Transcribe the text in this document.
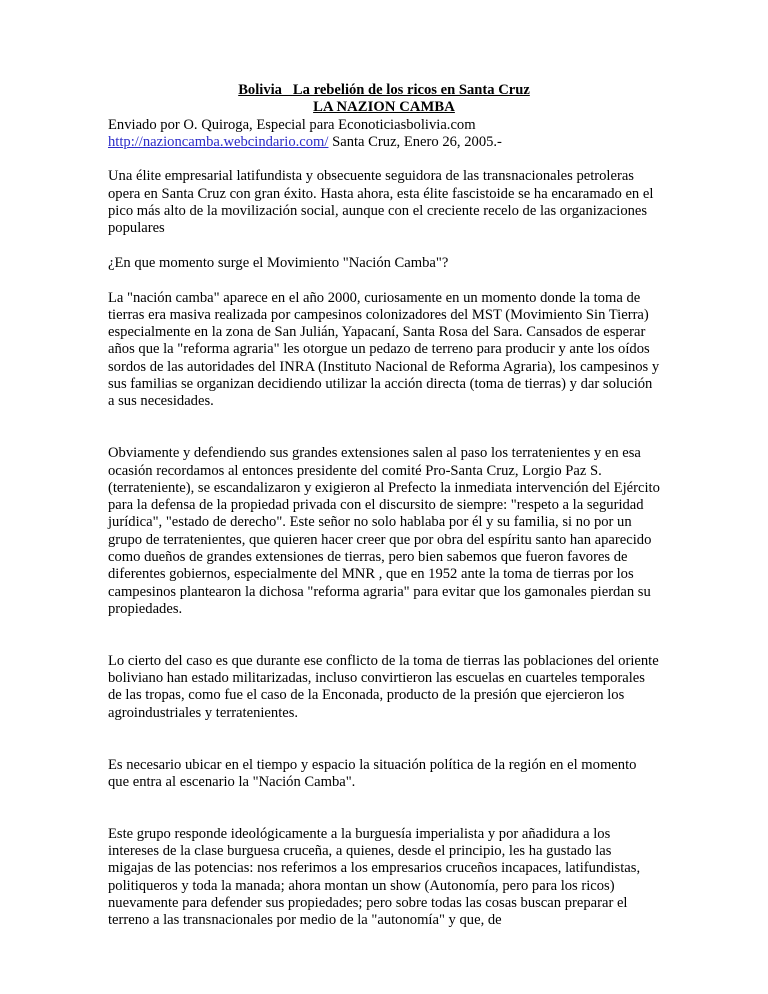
Bolivia   La rebelión de los ricos en Santa Cruz
LA NAZION CAMBA

Enviado por O. Quiroga, Especial para Econoticiasbolivia.com

http://nazioncamba.webcindario.com/ Santa Cruz, Enero 26, 2005.-

Una élite empresarial latifundista y obsecuente seguidora de las transnacionales petroleras opera en Santa Cruz con gran éxito. Hasta ahora, esta élite fascistoide se ha encaramado en el pico más alto de la movilización social, aunque con el creciente recelo de las organizaciones populares

¿En que momento surge el Movimiento "Nación Camba"?

La "nación camba" aparece en el año 2000, curiosamente en un momento donde la toma de tierras era masiva realizada por campesinos colonizadores del MST (Movimiento Sin Tierra) especialmente en la zona de San Julián, Yapacaní, Santa Rosa del Sara. Cansados de esperar años que la "reforma agraria" les otorgue un pedazo de terreno para producir y ante los oídos sordos de las autoridades del INRA (Instituto Nacional de Reforma Agraria), los campesinos y sus familias se organizan decidiendo utilizar la acción directa (toma de tierras) y dar solución a sus necesidades.

Obviamente y defendiendo sus grandes extensiones salen al paso los terratenientes y en esa ocasión recordamos al entonces presidente del comité Pro-Santa Cruz, Lorgio Paz S. (terrateniente), se escandalizaron y exigieron al Prefecto la inmediata intervención del Ejército para la defensa de la propiedad privada con el discursito de siempre: "respeto a la seguridad jurídica", "estado de derecho". Este señor no solo hablaba por él y su familia, si no por un grupo de terratenientes, que quieren hacer creer que por obra del espíritu santo han aparecido como dueños de grandes extensiones de tierras, pero bien sabemos que fueron favores de diferentes gobiernos, especialmente del MNR , que en 1952 ante la toma de tierras por los campesinos plantearon la dichosa "reforma agraria" para evitar que los gamonales pierdan su propiedades.

Lo cierto del caso es que durante ese conflicto de la toma de tierras las poblaciones del oriente boliviano han estado militarizadas, incluso convirtieron las escuelas en cuarteles temporales de las tropas, como fue el caso de la Enconada, producto de la presión que ejercieron los agroindustriales y terratenientes.

Es necesario ubicar en el tiempo y espacio la situación política de la región en el momento que entra al escenario la "Nación Camba".

Este grupo responde ideológicamente a la burguesía imperialista y por añadidura a los intereses de la clase burguesa cruceña, a quienes, desde el principio, les ha gustado las migajas de las potencias: nos referimos a los empresarios cruceños incapaces, latifundistas, politiqueros y toda la manada; ahora montan un show (Autonomía, pero para los ricos) nuevamente para defender sus propiedades; pero sobre todas las cosas buscan preparar el terreno a las transnacionales por medio de la "autonomía" y que, de
